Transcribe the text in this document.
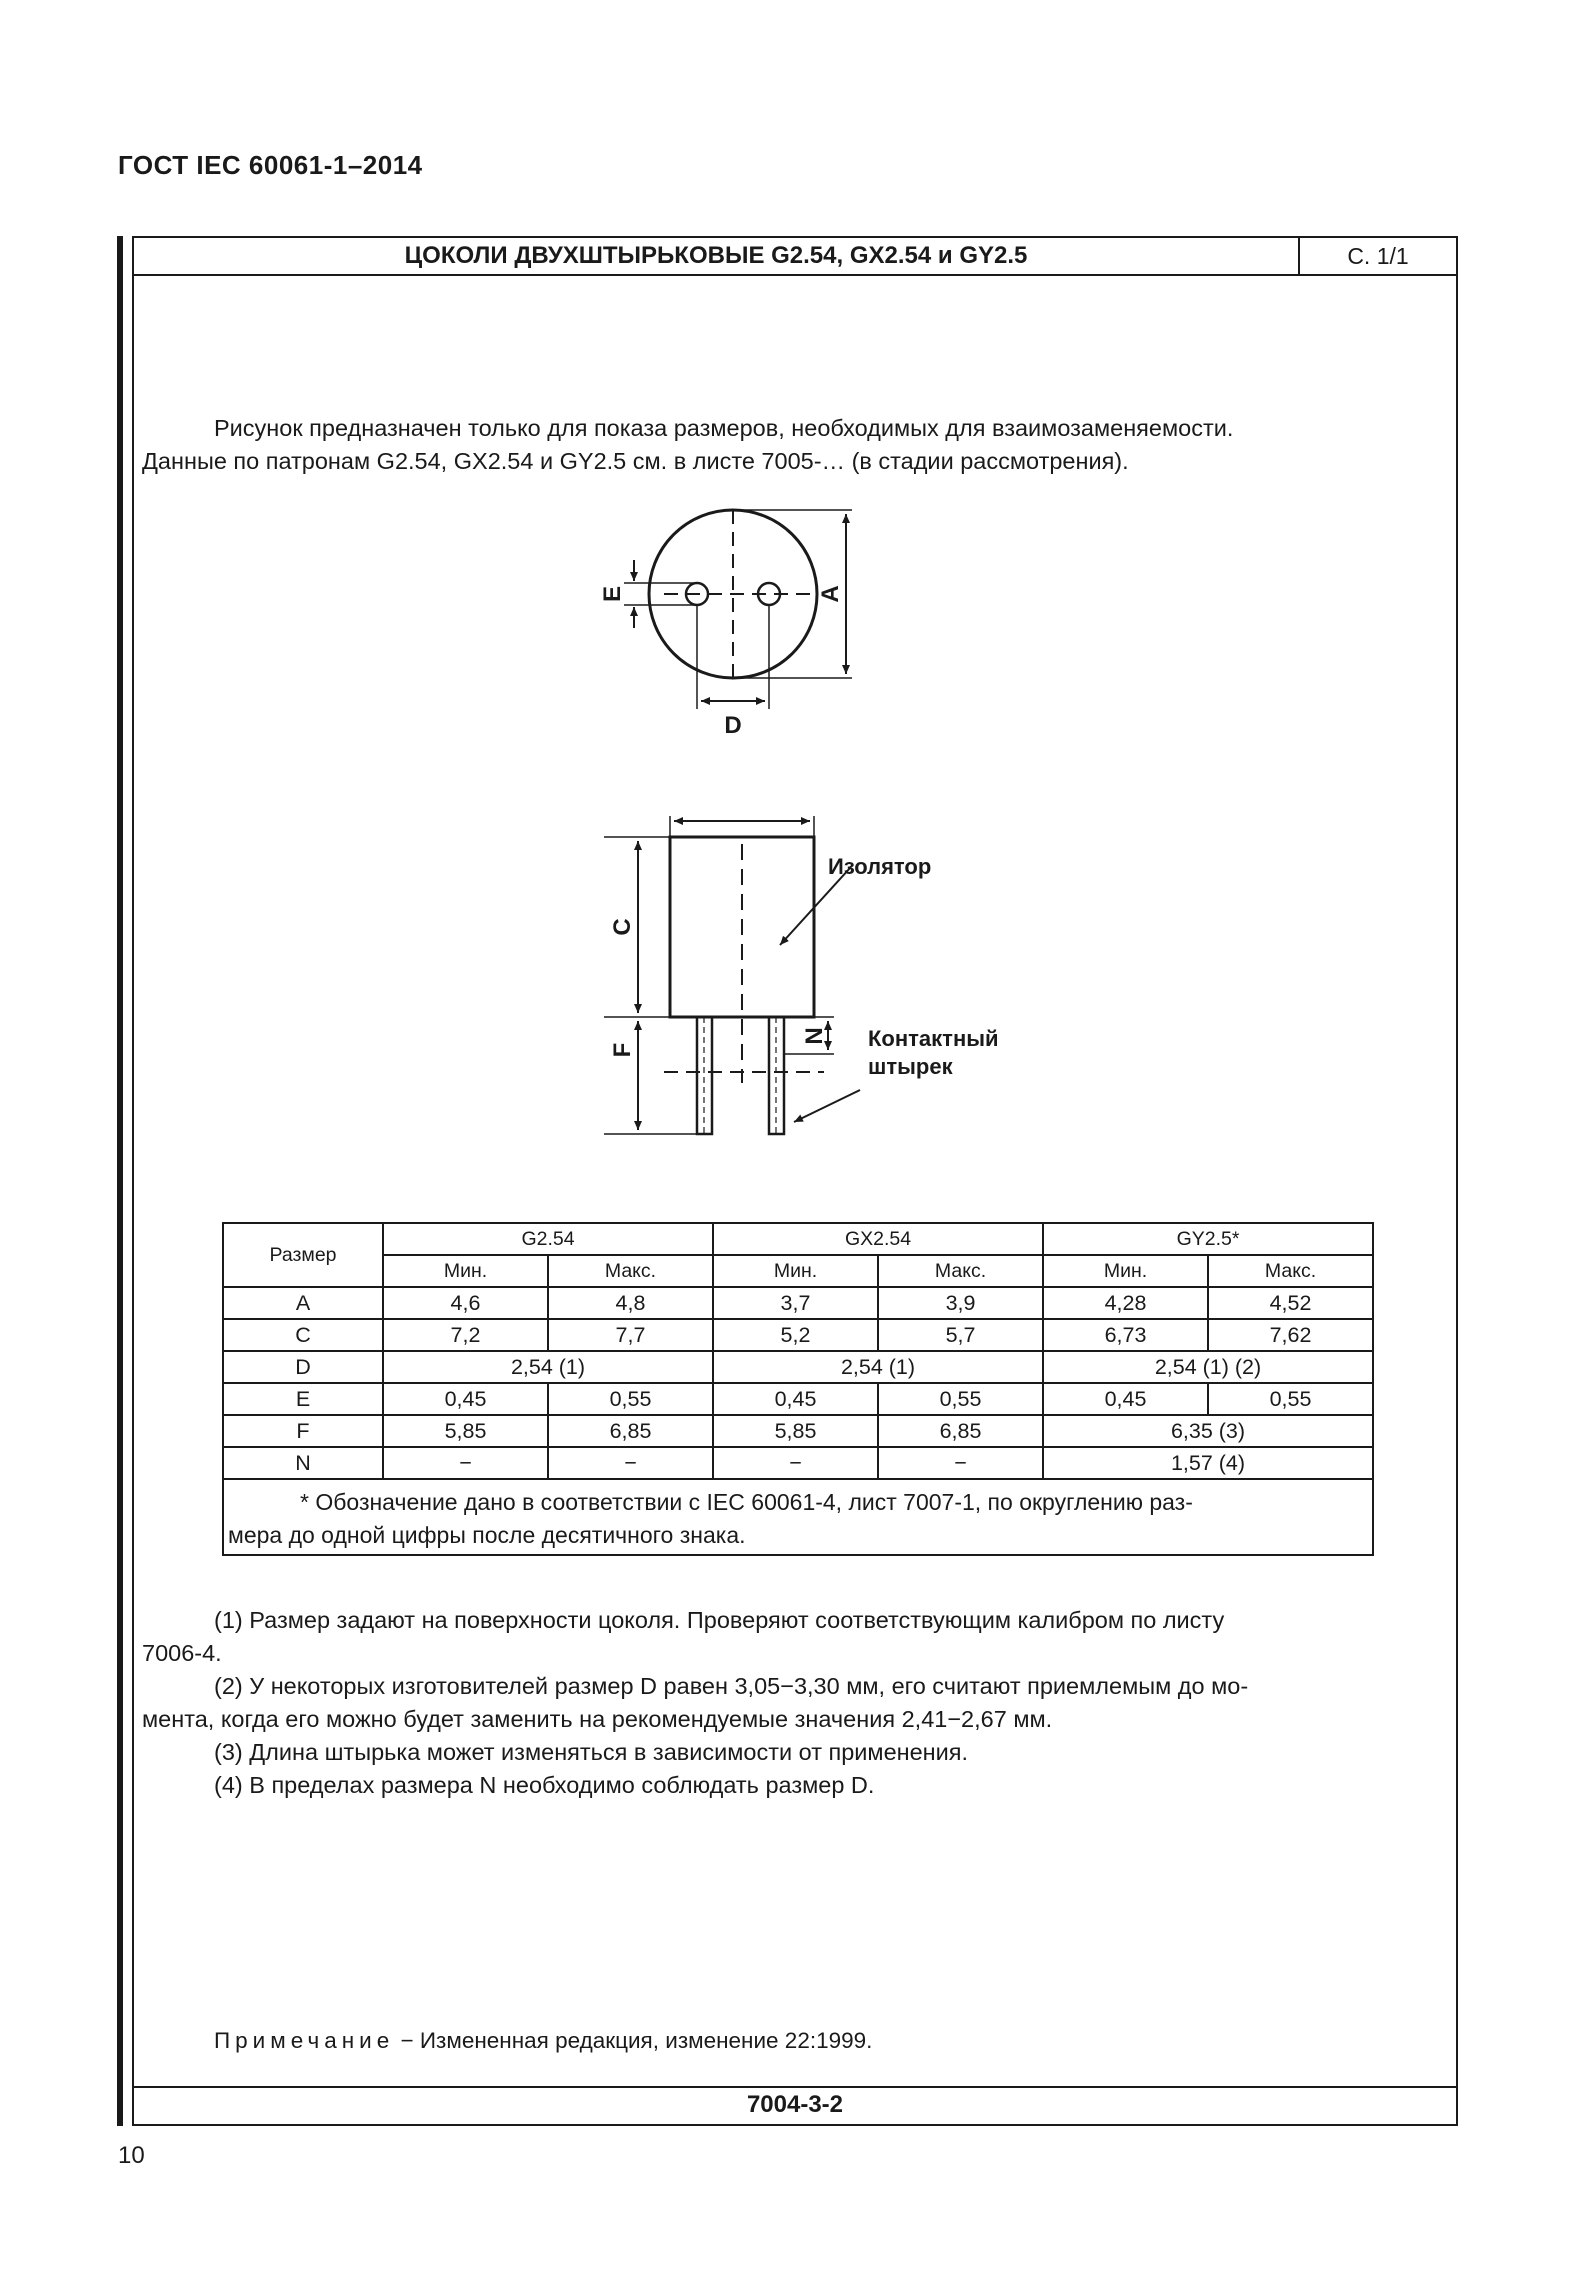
ГОСТ IEC 60061-1–2014
ЦОКОЛИ ДВУХШТЫРЬКОВЫЕ G2.54, GX2.54 и GY2.5	С. 1/1
Рисунок предназначен только для показа размеров, необходимых для взаимозаменяемости.
Данные по патронам G2.54, GX2.54 и GY2.5 см. в листе 7005-… (в стадии рассмотрения).
A
E
D
C
F
N
Изолятор
Контактный
штырек
Размер	G2.54		GX2.54		GY2.5*	
	Мин.	Макс.	Мин.	Макс.	Мин.	Макс.
A	4,6	4,8	3,7	3,9	4,28	4,52
C	7,2	7,7	5,2	5,7	6,73	7,62
D	2,54 (1)		2,54 (1)		2,54 (1) (2)	
E	0,45	0,55	0,45	0,55	0,45	0,55
F	5,85	6,85	5,85	6,85	6,35 (3)	
N	−	−	−	−	1,57 (4)	

* Обозначение дано в соответствии с IEC 60061-4, лист 7007-1, по округлению раз-
мера до одной цифры после десятичного знака.						
(1) Размер задают на поверхности цоколя. Проверяют соответствующим калибром по листу
7006-4.
(2) У некоторых изготовителей размер D равен 3,05−3,30 мм, его считают приемлемым до мо-
мента, когда его можно будет заменить на рекомендуемые значения 2,41−2,67 мм.
(3) Длина штырька может изменяться в зависимости от применения.
(4) В пределах размера N необходимо соблюдать размер D.
Примечание − Измененная редакция, изменение 22:1999.
7004-3-2
10
